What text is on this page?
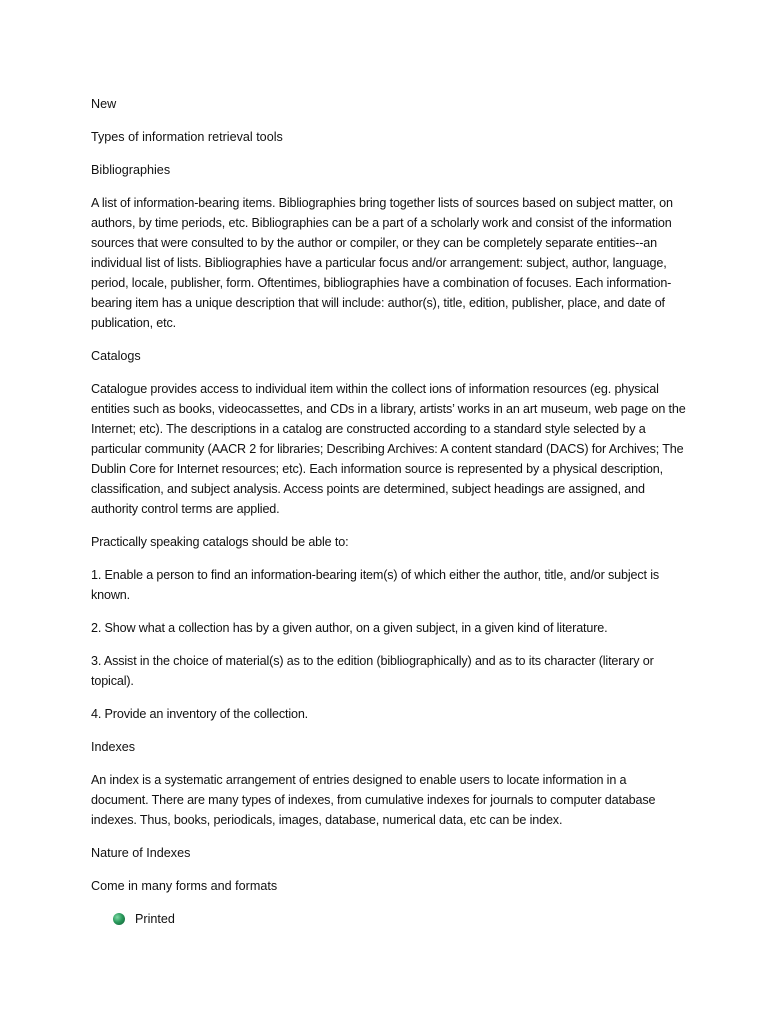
New

Types of information retrieval tools

Bibliographies

A list of information-bearing items. Bibliographies bring together lists of sources based on subject matter, on authors, by time periods, etc. Bibliographies can be a part of a scholarly work and consist of the information sources that were consulted to by the author or compiler, or they can be completely separate entities--an individual list of lists. Bibliographies have a particular focus and/or arrangement: subject, author, language, period, locale, publisher, form. Oftentimes, bibliographies have a combination of focuses. Each information-bearing item has a unique description that will include: author(s), title, edition, publisher, place, and date of publication, etc.

Catalogs

Catalogue provides access to individual item within the collect ions of information resources (eg. physical entities such as books, videocassettes, and CDs in a library, artists’ works in an art museum, web page on the Internet; etc). The descriptions in a catalog are constructed according to a standard style selected by a particular community (AACR 2 for libraries; Describing Archives: A content standard (DACS) for Archives; The Dublin Core for Internet resources; etc). Each information source is represented by a physical description, classification, and subject analysis. Access points are determined, subject headings are assigned, and authority control terms are applied.

Practically speaking catalogs should be able to:

1. Enable a person to find an information-bearing item(s) of which either the author, title, and/or subject is known.

2. Show what a collection has by a given author, on a given subject, in a given kind of literature.

3. Assist in the choice of material(s) as to the edition (bibliographically) and as to its character (literary or topical).

4. Provide an inventory of the collection.

Indexes

An index is a systematic arrangement of entries designed to enable users to locate information in a document. There are many types of indexes, from cumulative indexes for journals to computer database indexes. Thus, books, periodicals, images, database, numerical data, etc can be index.

Nature of Indexes

Come in many forms and formats

Printed
